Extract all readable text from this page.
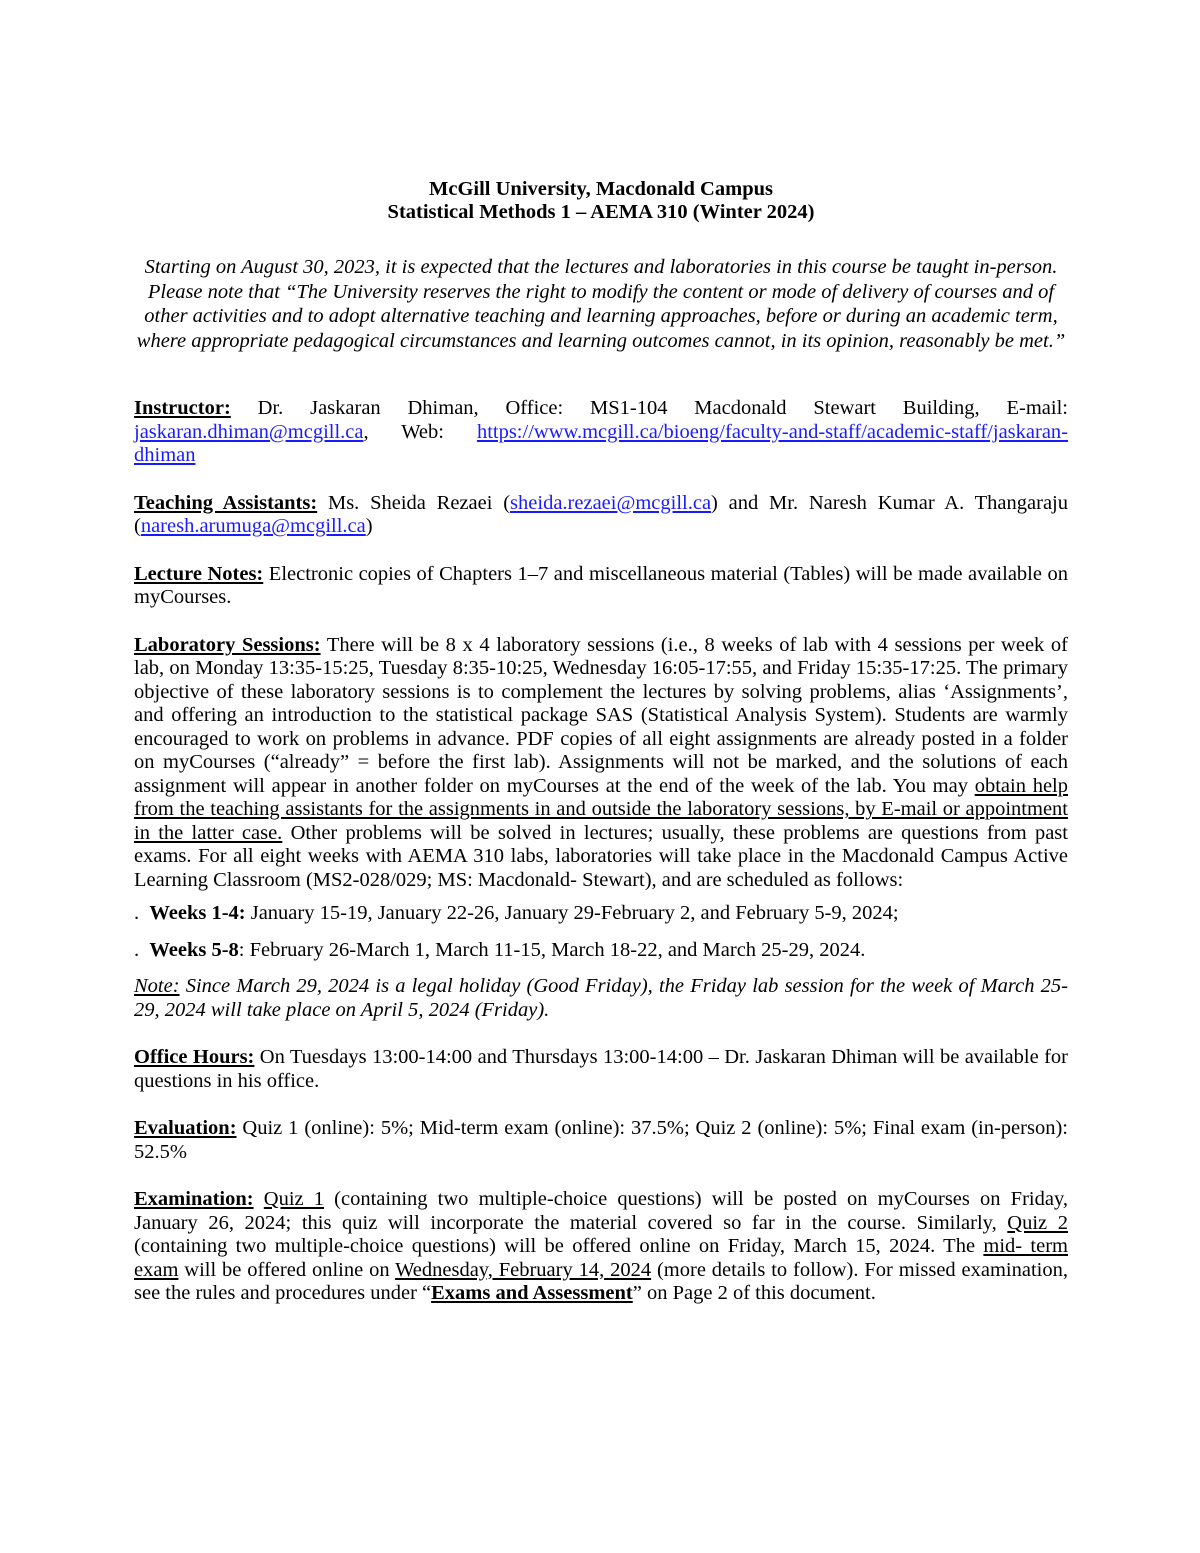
McGill University, Macdonald Campus
Statistical Methods 1 – AEMA 310 (Winter 2024)
Starting on August 30, 2023, it is expected that the lectures and laboratories in this course be taught in-person. Please note that “The University reserves the right to modify the content or mode of delivery of courses and of other activities and to adopt alternative teaching and learning approaches, before or during an academic term, where appropriate pedagogical circumstances and learning outcomes cannot, in its opinion, reasonably be met.”

Instructor: Dr. Jaskaran Dhiman, Office: MS1-104 Macdonald Stewart Building, E-mail: jaskaran.dhiman@mcgill.ca, Web: https://www.mcgill.ca/bioeng/faculty-and-staff/academic-staff/jaskaran-dhiman

Teaching Assistants: Ms. Sheida Rezaei (sheida.rezaei@mcgill.ca) and Mr. Naresh Kumar A. Thangaraju (naresh.arumuga@mcgill.ca)

Lecture Notes: Electronic copies of Chapters 1–7 and miscellaneous material (Tables) will be made available on myCourses.

Laboratory Sessions: There will be 8 x 4 laboratory sessions (i.e., 8 weeks of lab with 4 sessions per week of lab, on Monday 13:35-15:25, Tuesday 8:35-10:25, Wednesday 16:05-17:55, and Friday 15:35-17:25. The primary objective of these laboratory sessions is to complement the lectures by solving problems, alias ‘Assignments’, and offering an introduction to the statistical package SAS (Statistical Analysis System). Students are warmly encouraged to work on problems in advance. PDF copies of all eight assignments are already posted in a folder on myCourses (“already” = before the first lab). Assignments will not be marked, and the solutions of each assignment will appear in another folder on myCourses at the end of the week of the lab. You may obtain help from the teaching assistants for the assignments in and outside the laboratory sessions, by E-mail or appointment in the latter case. Other problems will be solved in lectures; usually, these problems are questions from past exams. For all eight weeks with AEMA 310 labs, laboratories will take place in the Macdonald Campus Active Learning Classroom (MS2-028/029; MS: Macdonald- Stewart), and are scheduled as follows:

. Weeks 1-4: January 15-19, January 22-26, January 29-February 2, and February 5-9, 2024;

. Weeks 5-8: February 26-March 1, March 11-15, March 18-22, and March 25-29, 2024.

Note: Since March 29, 2024 is a legal holiday (Good Friday), the Friday lab session for the week of March 25-29, 2024 will take place on April 5, 2024 (Friday).

Office Hours: On Tuesdays 13:00-14:00 and Thursdays 13:00-14:00 – Dr. Jaskaran Dhiman will be available for questions in his office.

Evaluation: Quiz 1 (online): 5%; Mid-term exam (online): 37.5%; Quiz 2 (online): 5%; Final exam (in-person): 52.5%

Examination: Quiz 1 (containing two multiple-choice questions) will be posted on myCourses on Friday, January 26, 2024; this quiz will incorporate the material covered so far in the course. Similarly, Quiz 2 (containing two multiple-choice questions) will be offered online on Friday, March 15, 2024. The mid- term exam will be offered online on Wednesday, February 14, 2024 (more details to follow). For missed examination, see the rules and procedures under “Exams and Assessment” on Page 2 of this document.
